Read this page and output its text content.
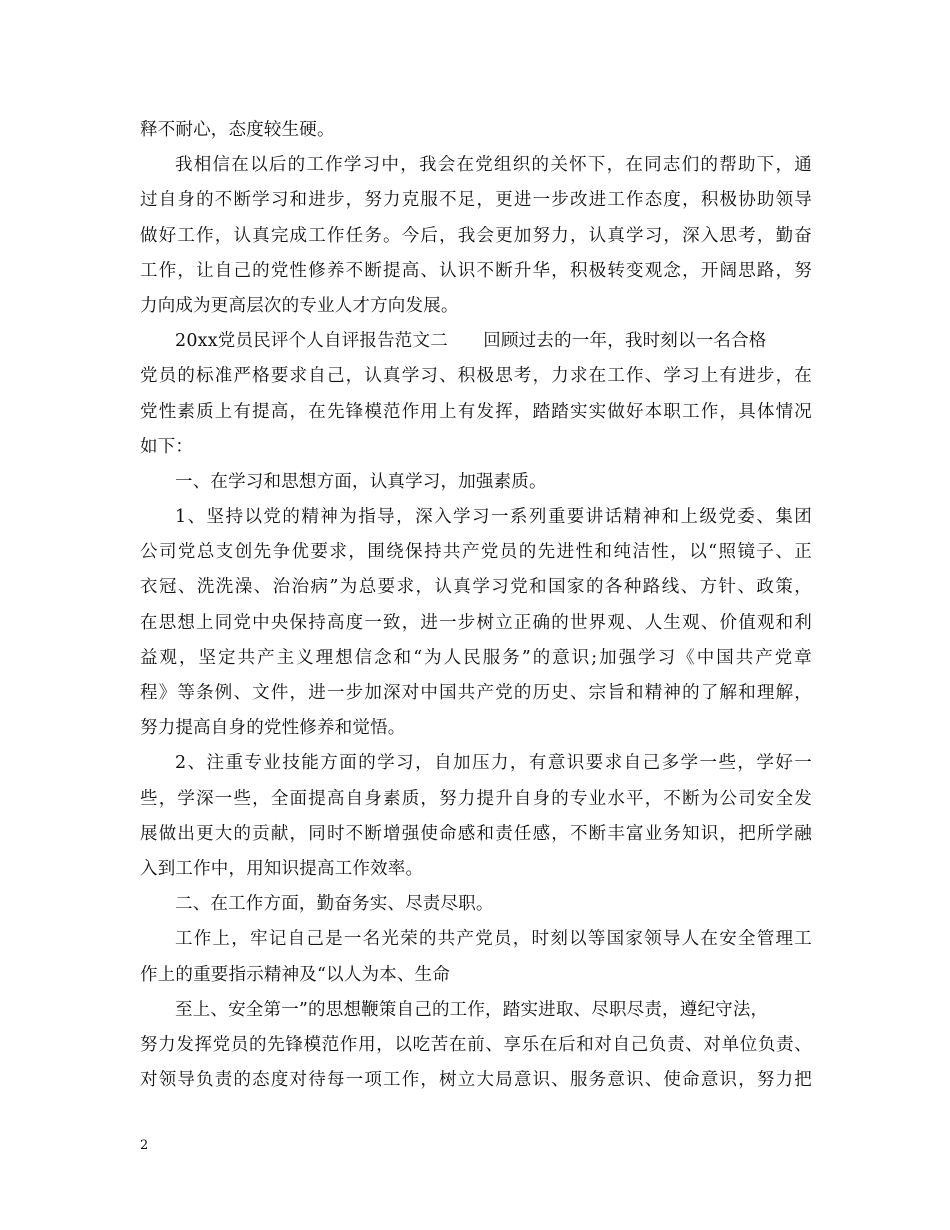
释不耐心，态度较生硬。
我相信在以后的工作学习中，我会在党组织的关怀下，在同志们的帮助下，通
过自身的不断学习和进步，努力克服不足，更进一步改进工作态度，积极协助领导
做好工作，认真完成工作任务。今后，我会更加努力，认真学习，深入思考，勤奋
工作，让自己的党性修养不断提高、认识不断升华，积极转变观念，开阔思路，努
力向成为更高层次的专业人才方向发展。
20xx党员民评个人自评报告范文二　　回顾过去的一年，我时刻以一名合格
党员的标准严格要求自己，认真学习、积极思考，力求在工作、学习上有进步，在
党性素质上有提高，在先锋模范作用上有发挥，踏踏实实做好本职工作，具体情况
如下：
一、在学习和思想方面，认真学习，加强素质。
1、坚持以党的精神为指导，深入学习一系列重要讲话精神和上级党委、集团
公司党总支创先争优要求，围绕保持共产党员的先进性和纯洁性，以“照镜子、正
衣冠、洗洗澡、治治病”为总要求，认真学习党和国家的各种路线、方针、政策，
在思想上同党中央保持高度一致，进一步树立正确的世界观、人生观、价值观和利
益观，坚定共产主义理想信念和“为人民服务”的意识;加强学习《中国共产党章
程》等条例、文件，进一步加深对中国共产党的历史、宗旨和精神的了解和理解，
努力提高自身的党性修养和觉悟。
2、注重专业技能方面的学习，自加压力，有意识要求自己多学一些，学好一
些，学深一些，全面提高自身素质，努力提升自身的专业水平，不断为公司安全发
展做出更大的贡献，同时不断增强使命感和责任感，不断丰富业务知识，把所学融
入到工作中，用知识提高工作效率。
二、在工作方面，勤奋务实、尽责尽职。
工作上，牢记自己是一名光荣的共产党员，时刻以等国家领导人在安全管理工
作上的重要指示精神及“以人为本、生命
至上、安全第一”的思想鞭策自己的工作，踏实进取、尽职尽责，遵纪守法，
努力发挥党员的先锋模范作用，以吃苦在前、享乐在后和对自己负责、对单位负责、
对领导负责的态度对待每一项工作，树立大局意识、服务意识、使命意识，努力把
2
